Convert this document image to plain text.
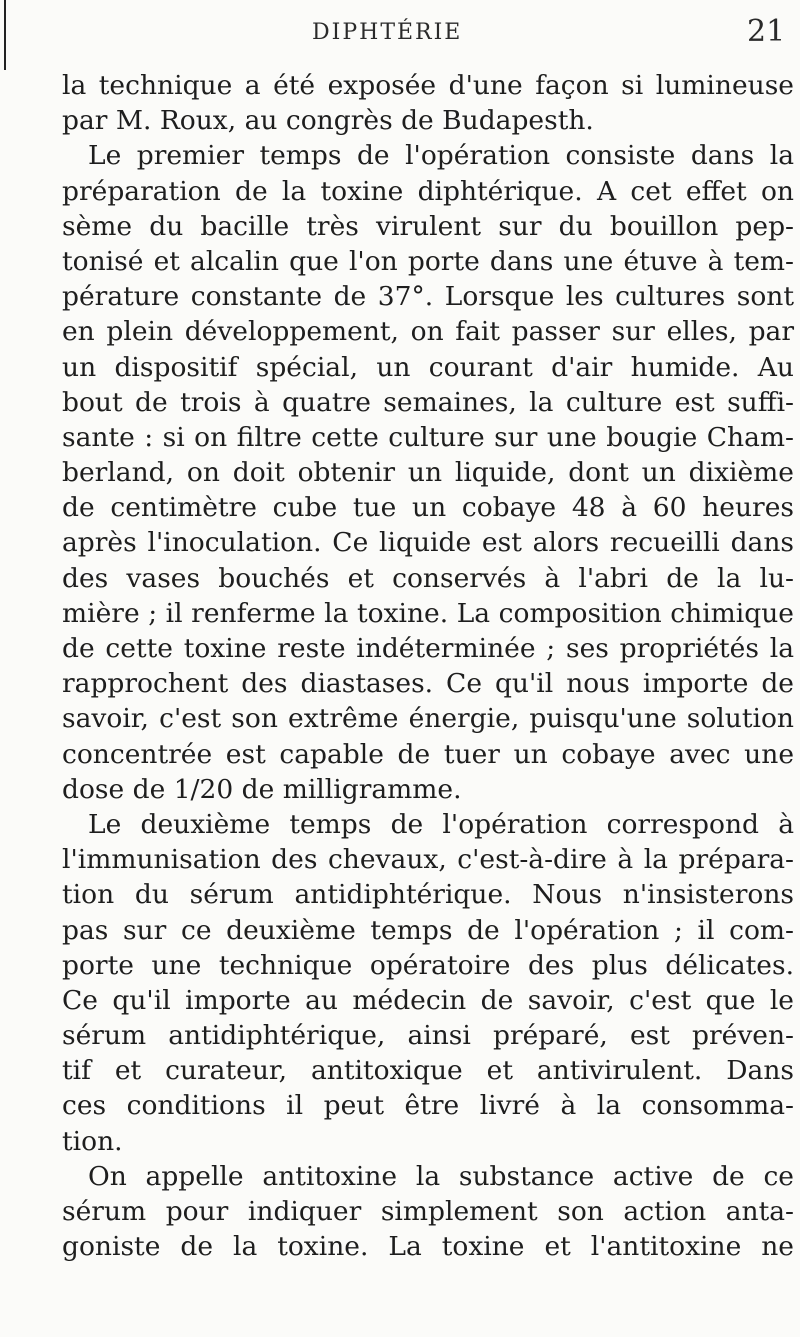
DIPHTÉRIE	21
la technique a été exposée d'une façon si lumineuse
par M. Roux, au congrès de Budapesth.
Le premier temps de l'opération consiste dans la
préparation de la toxine diphtérique. A cet effet on
sème du bacille très virulent sur du bouillon pep-
tonisé et alcalin que l'on porte dans une étuve à tem-
pérature constante de 37°. Lorsque les cultures sont
en plein développement, on fait passer sur elles, par
un dispositif spécial, un courant d'air humide. Au
bout de trois à quatre semaines, la culture est suffi-
sante : si on filtre cette culture sur une bougie Cham-
berland, on doit obtenir un liquide, dont un dixième
de centimètre cube tue un cobaye 48 à 60 heures
après l'inoculation. Ce liquide est alors recueilli dans
des vases bouchés et conservés à l'abri de la lu-
mière ; il renferme la toxine. La composition chimique
de cette toxine reste indéterminée ; ses propriétés la
rapprochent des diastases. Ce qu'il nous importe de
savoir, c'est son extrême énergie, puisqu'une solution
concentrée est capable de tuer un cobaye avec une
dose de 1/20 de milligramme.
Le deuxième temps de l'opération correspond à
l'immunisation des chevaux, c'est-à-dire à la prépara-
tion du sérum antidiphtérique. Nous n'insisterons
pas sur ce deuxième temps de l'opération ; il com-
porte une technique opératoire des plus délicates.
Ce qu'il importe au médecin de savoir, c'est que le
sérum antidiphtérique, ainsi préparé, est préven-
tif et curateur, antitoxique et antivirulent. Dans
ces conditions il peut être livré à la consomma-
tion.
On appelle antitoxine la substance active de ce
sérum pour indiquer simplement son action anta-
goniste de la toxine. La toxine et l'antitoxine ne
